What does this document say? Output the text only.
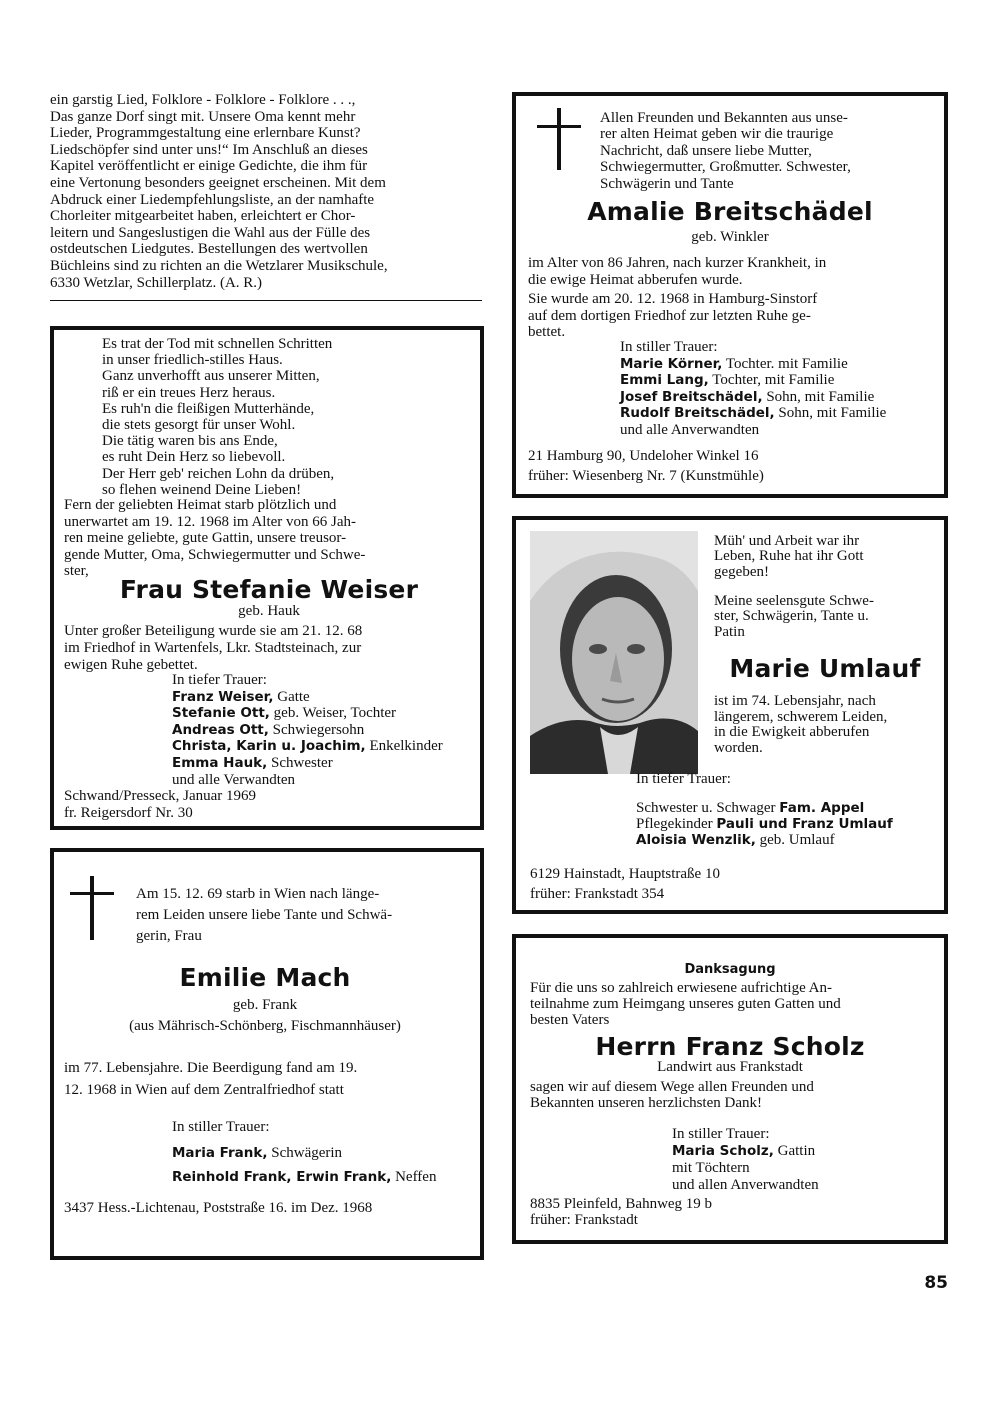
ein garstig Lied, Folklore - Folklore - Folklore . . .,
Das ganze Dorf singt mit. Unsere Oma kennt mehr
Lieder, Programmgestaltung eine erlernbare Kunst?
Liedschöpfer sind unter uns!“ Im Anschluß an dieses
Kapitel veröffentlicht er einige Gedichte, die ihm für
eine Vertonung besonders geeignet erscheinen. Mit dem
Abdruck einer Liedempfehlungsliste, an der namhafte
Chorleiter mitgearbeitet haben, erleichtert er Chor-
leitern und Sangeslustigen die Wahl aus der Fülle des
ostdeutschen Liedgutes. Bestellungen des wertvollen
Büchleins sind zu richten an die Wetzlarer Musikschule,
6330 Wetzlar, Schillerplatz. (A. R.)
Es trat der Tod mit schnellen Schritten
in unser friedlich-stilles Haus.
Ganz unverhofft aus unserer Mitten,
riß er ein treues Herz heraus.
Es ruh'n die fleißigen Mutterhände,
die stets gesorgt für unser Wohl.
Die tätig waren bis ans Ende,
es ruht Dein Herz so liebevoll.
Der Herr geb' reichen Lohn da drüben,
so flehen weinend Deine Lieben!
Fern der geliebten Heimat starb plötzlich und
unerwartet am 19. 12. 1968 im Alter von 66 Jah-
ren meine geliebte, gute Gattin, unsere treusor-
gende Mutter, Oma, Schwiegermutter und Schwe-
ster,
Frau Stefanie Weiser
geb. Hauk
Unter großer Beteiligung wurde sie am 21. 12. 68
im Friedhof in Wartenfels, Lkr. Stadtsteinach, zur
ewigen Ruhe gebettet.
In tiefer Trauer:
Franz Weiser, Gatte
Stefanie Ott, geb. Weiser, Tochter
Andreas Ott, Schwiegersohn
Christa, Karin u. Joachim, Enkelkinder
Emma Hauk, Schwester
und alle Verwandten
Schwand/Presseck, Januar 1969
fr. Reigersdorf Nr. 30
Am 15. 12. 69 starb in Wien nach länge-
rem Leiden unsere liebe Tante und Schwä-
gerin, Frau
Emilie Mach
geb. Frank
(aus Mährisch-Schönberg, Fischmannhäuser)
im 77. Lebensjahre. Die Beerdigung fand am 19.
12. 1968 in Wien auf dem Zentralfriedhof statt
In stiller Trauer:
Maria Frank, Schwägerin
Reinhold Frank, Erwin Frank, Neffen
3437 Hess.-Lichtenau, Poststraße 16. im Dez. 1968
Allen Freunden und Bekannten aus unse-
rer alten Heimat geben wir die traurige
Nachricht, daß unsere liebe Mutter,
Schwiegermutter, Großmutter. Schwester,
Schwägerin und Tante
Amalie Breitschädel
geb. Winkler
im Alter von 86 Jahren, nach kurzer Krankheit, in
die ewige Heimat abberufen wurde.
Sie wurde am 20. 12. 1968 in Hamburg-Sinstorf
auf dem dortigen Friedhof zur letzten Ruhe ge-
bettet.
In stiller Trauer:
Marie Körner, Tochter. mit Familie
Emmi Lang, Tochter, mit Familie
Josef Breitschädel, Sohn, mit Familie
Rudolf Breitschädel, Sohn, mit Familie
und alle Anverwandten
21 Hamburg 90, Undeloher Winkel 16
früher: Wiesenberg Nr. 7 (Kunstmühle)
Müh' und Arbeit war ihr
Leben, Ruhe hat ihr Gott
gegeben!
Meine seelensgute Schwe-
ster, Schwägerin, Tante u.
Patin
Marie Umlauf
ist im 74. Lebensjahr, nach
längerem, schwerem Leiden,
in die Ewigkeit abberufen
worden.
In tiefer Trauer:
Schwester u. Schwager Fam. Appel
Pflegekinder Pauli und Franz Umlauf
Aloisia Wenzlik, geb. Umlauf
6129 Hainstadt, Hauptstraße 10
früher: Frankstadt 354
Danksagung
Für die uns so zahlreich erwiesene aufrichtige An-
teilnahme zum Heimgang unseres guten Gatten und
besten Vaters
Herrn Franz Scholz
Landwirt aus Frankstadt
sagen wir auf diesem Wege allen Freunden und
Bekannten unseren herzlichsten Dank!
In stiller Trauer:
Maria Scholz, Gattin
mit Töchtern
und allen Anverwandten
8835 Pleinfeld, Bahnweg 19 b
früher: Frankstadt
85
